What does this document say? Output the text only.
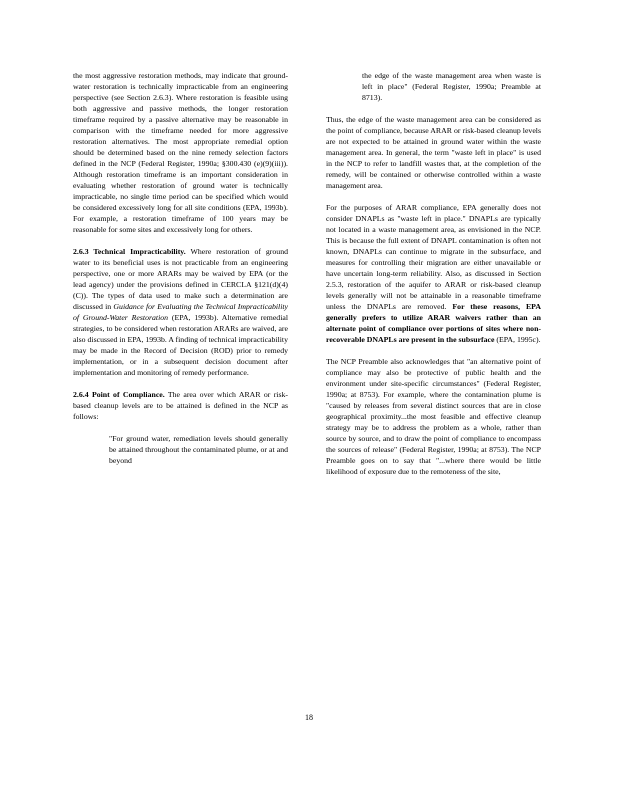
the most aggressive restoration methods, may indicate that ground-water restoration is technically impracticable from an engineering perspective (see Section 2.6.3). Where restoration is feasible using both aggressive and passive methods, the longer restoration timeframe required by a passive alternative may be reasonable in comparison with the timeframe needed for more aggressive restoration alternatives. The most appropriate remedial option should be determined based on the nine remedy selection factors defined in the NCP (Federal Register, 1990a; §300.430 (e)(9)(iii)). Although restoration timeframe is an important consideration in evaluating whether restoration of ground water is technically impracticable, no single time period can be specified which would be considered excessively long for all site conditions (EPA, 1993b). For example, a restoration timeframe of 100 years may be reasonable for some sites and excessively long for others.

2.6.3 Technical Impracticability. Where restoration of ground water to its beneficial uses is not practicable from an engineering perspective, one or more ARARs may be waived by EPA (or the lead agency) under the provisions defined in CERCLA §121(d)(4)(C)). The types of data used to make such a determination are discussed in Guidance for Evaluating the Technical Impracticability of Ground-Water Restoration (EPA, 1993b). Alternative remedial strategies, to be considered when restoration ARARs are waived, are also discussed in EPA, 1993b. A finding of technical impracticability may be made in the Record of Decision (ROD) prior to remedy implementation, or in a subsequent decision document after implementation and monitoring of remedy performance.

2.6.4 Point of Compliance. The area over which ARAR or risk-based cleanup levels are to be attained is defined in the NCP as follows:

"For ground water, remediation levels should generally be attained throughout the contaminated plume, or at and beyond

the edge of the waste management area when waste is left in place" (Federal Register, 1990a; Preamble at 8713).

Thus, the edge of the waste management area can be considered as the point of compliance, because ARAR or risk-based cleanup levels are not expected to be attained in ground water within the waste management area. In general, the term "waste left in place" is used in the NCP to refer to landfill wastes that, at the completion of the remedy, will be contained or otherwise controlled within a waste management area.

For the purposes of ARAR compliance, EPA generally does not consider DNAPLs as "waste left in place." DNAPLs are typically not located in a waste management area, as envisioned in the NCP. This is because the full extent of DNAPL contamination is often not known, DNAPLs can continue to migrate in the subsurface, and measures for controlling their migration are either unavailable or have uncertain long-term reliability. Also, as discussed in Section 2.5.3, restoration of the aquifer to ARAR or risk-based cleanup levels generally will not be attainable in a reasonable timeframe unless the DNAPLs are removed. For these reasons, EPA generally prefers to utilize ARAR waivers rather than an alternate point of compliance over portions of sites where non-recoverable DNAPLs are present in the subsurface (EPA, 1995c).

The NCP Preamble also acknowledges that "an alternative point of compliance may also be protective of public health and the environment under site-specific circumstances" (Federal Register, 1990a; at 8753). For example, where the contamination plume is "caused by releases from several distinct sources that are in close geographical proximity...the most feasible and effective cleanup strategy may be to address the problem as a whole, rather than source by source, and to draw the point of compliance to encompass the sources of release" (Federal Register, 1990a; at 8753). The NCP Preamble goes on to say that "...where there would be little likelihood of exposure due to the remoteness of the site,

18
